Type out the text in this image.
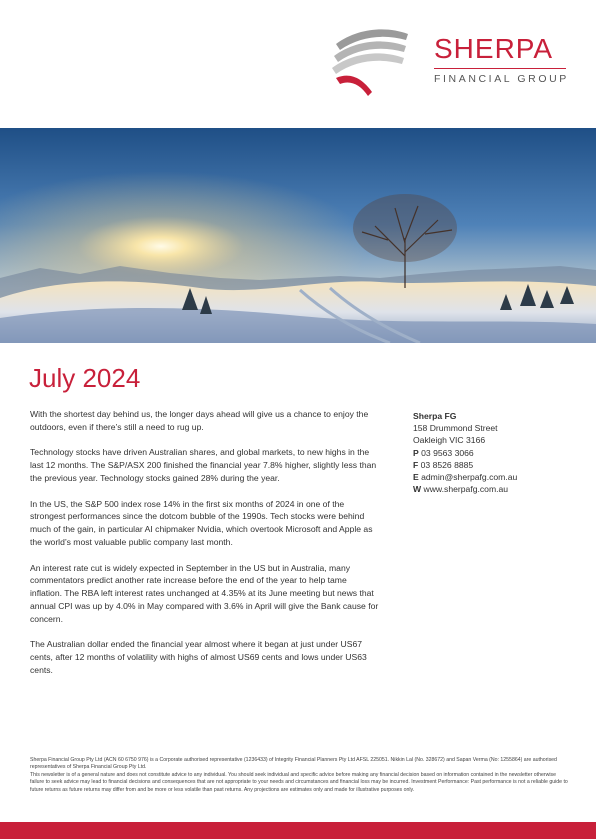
SHERPA
FINANCIAL GROUP
July 2024

With the shortest day behind us, the longer days ahead will give us a chance to enjoy the outdoors, even if there’s still a need to rug up.

Technology stocks have driven Australian shares, and global markets, to new highs in the last 12 months. The S&P/ASX 200 finished the financial year 7.8% higher, slightly less than the previous year. Technology stocks gained 28% during the year.

In the US, the S&P 500 index rose 14% in the first six months of 2024 in one of the strongest performances since the dotcom bubble of the 1990s. Tech stocks were behind much of the gain, in particular AI chipmaker Nvidia, which overtook Microsoft and Apple as the world’s most valuable public company last month.

An interest rate cut is widely expected in September in the US but in Australia, many commentators predict another rate increase before the end of the year to help tame inflation. The RBA left interest rates unchanged at 4.35% at its June meeting but news that annual CPI was up by 4.0% in May compared with 3.6% in April will give the Bank cause for concern.

The Australian dollar ended the financial year almost where it began at just under US67 cents, after 12 months of volatility with highs of almost US69 cents and lows under US63 cents.

Sherpa FG
158 Drummond Street
Oakleigh VIC 3166
P 03 9563 3066
F 03 8526 8885
E admin@sherpafg.com.au
W www.sherpafg.com.au

Sherpa Financial Group Pty Ltd (ACN 60 6750 976) is a Corporate authorised representative (1236433) of Integrity Financial Planners Pty Ltd AFSL 225051. Nikkin Lal (No. 328672) and Sapan Verma (No: 1255864) are authorised representatives of Sherpa Financial Group Pty Ltd.

This newsletter is of a general nature and does not constitute advice to any individual. You should seek individual and specific advice before making any financial decision based on information contained in the newsletter otherwise failure to seek advice may lead to financial decisions and consequences that are not appropriate to your needs and circumstances and financial loss may be incurred. Investment Performance: Past performance is not a reliable guide to future returns as future returns may differ from and be more or less volatile than past returns. Any projections are estimates only and made for illustrative purposes only.
